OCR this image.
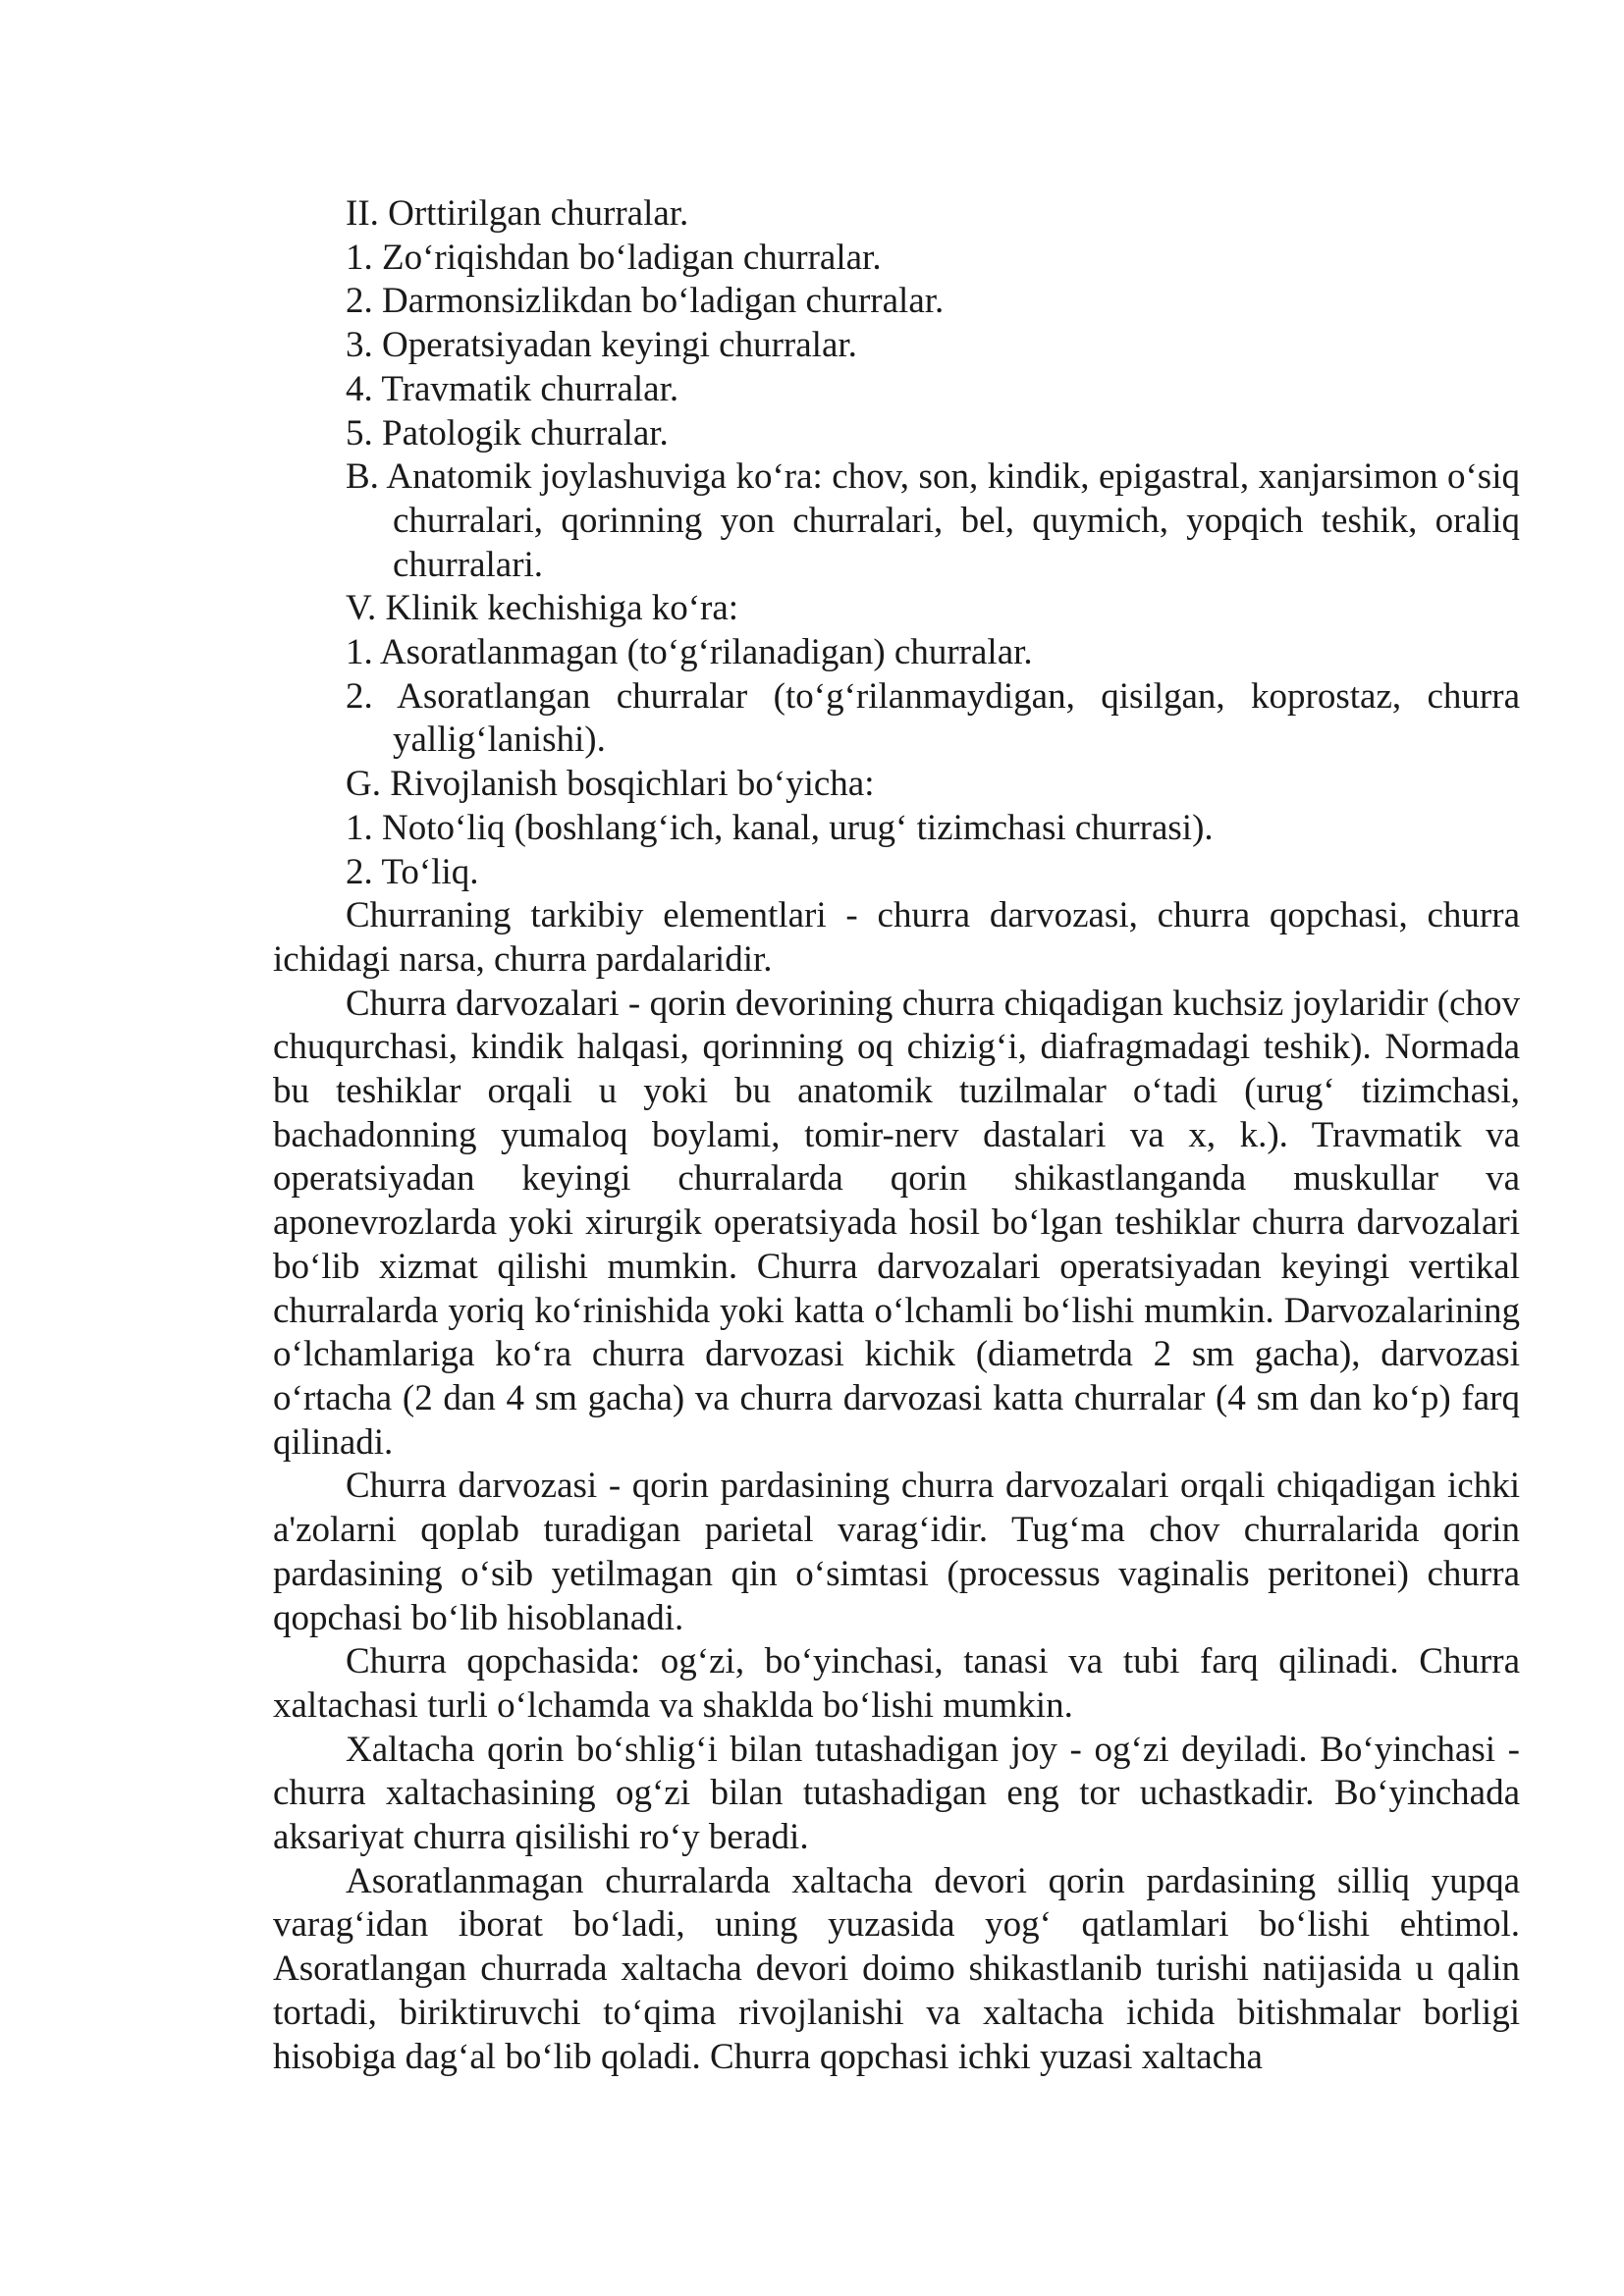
II. Orttirilgan churralar.

1. Zo‘riqishdan bo‘ladigan churralar.

2. Darmonsizlikdan bo‘ladigan churralar.

3. Operatsiyadan keyingi churralar.

4. Travmatik churralar.

5. Patologik churralar.

B. Anatomik joylashuviga ko‘ra: chov, son, kindik, epigastral, xanjarsimon o‘siq churralari, qorinning yon churralari, bel, quymich, yopqich teshik, oraliq churralari.

V. Klinik kechishiga ko‘ra:

1. Asoratlanmagan (to‘g‘rilanadigan) churralar.

2. Asoratlangan churralar (to‘g‘rilanmaydigan, qisilgan, koprostaz, churra yallig‘lanishi).

G. Rivojlanish bosqichlari bo‘yicha:

1. Noto‘liq (boshlang‘ich, kanal, urug‘ tizimchasi churrasi).

2. To‘liq.

Churraning tarkibiy elementlari - churra darvozasi, churra qopchasi, churra ichidagi narsa, churra pardalaridir.

Churra darvozalari - qorin devorining churra chiqadigan kuchsiz joylaridir (chov chuqurchasi, kindik halqasi, qorinning oq chizig‘i, diafragmadagi teshik). Normada bu teshiklar orqali u yoki bu anatomik tuzilmalar o‘tadi (urug‘ tizimchasi, bachadonning yumaloq boylami, tomir-nerv dastalari va x, k.). Travmatik va operatsiyadan keyingi churralarda qorin shikastlanganda muskullar va aponevrozlarda yoki xirurgik operatsiyada hosil bo‘lgan teshiklar churra darvozalari bo‘lib xizmat qilishi mumkin. Churra darvozalari operatsiyadan keyingi vertikal churralarda yoriq ko‘rinishida yoki katta o‘lchamli bo‘lishi mumkin. Darvozalarining o‘lchamlariga ko‘ra churra darvozasi kichik (diametrda 2 sm gacha), darvozasi o‘rtacha (2 dan 4 sm gacha) va churra darvozasi katta churralar (4 sm dan ko‘p) farq qilinadi.

Churra darvozasi - qorin pardasining churra darvozalari orqali chiqadigan ichki a'zolarni qoplab turadigan parietal varag‘idir. Tug‘ma chov churralarida qorin pardasining o‘sib yetilmagan qin o‘simtasi (processus vaginalis peritonei) churra qopchasi bo‘lib hisoblanadi.

Churra qopchasida: og‘zi, bo‘yinchasi, tanasi va tubi farq qilinadi. Churra xaltachasi turli o‘lchamda va shaklda bo‘lishi mumkin.

Xaltacha qorin bo‘shlig‘i bilan tutashadigan joy - og‘zi deyiladi. Bo‘yinchasi - churra xaltachasining og‘zi bilan tutashadigan eng tor uchastkadir. Bo‘yinchada aksariyat churra qisilishi ro‘y beradi.

Asoratlanmagan churralarda xaltacha devori qorin pardasining silliq yupqa varag‘idan iborat bo‘ladi, uning yuzasida yog‘ qatlamlari bo‘lishi ehtimol. Asoratlangan churrada xaltacha devori doimo shikastlanib turishi natijasida u qalin tortadi, biriktiruvchi to‘qima rivojlanishi va xaltacha ichida bitishmalar borligi hisobiga dag‘al bo‘lib qoladi. Churra qopchasi ichki yuzasi xaltacha
